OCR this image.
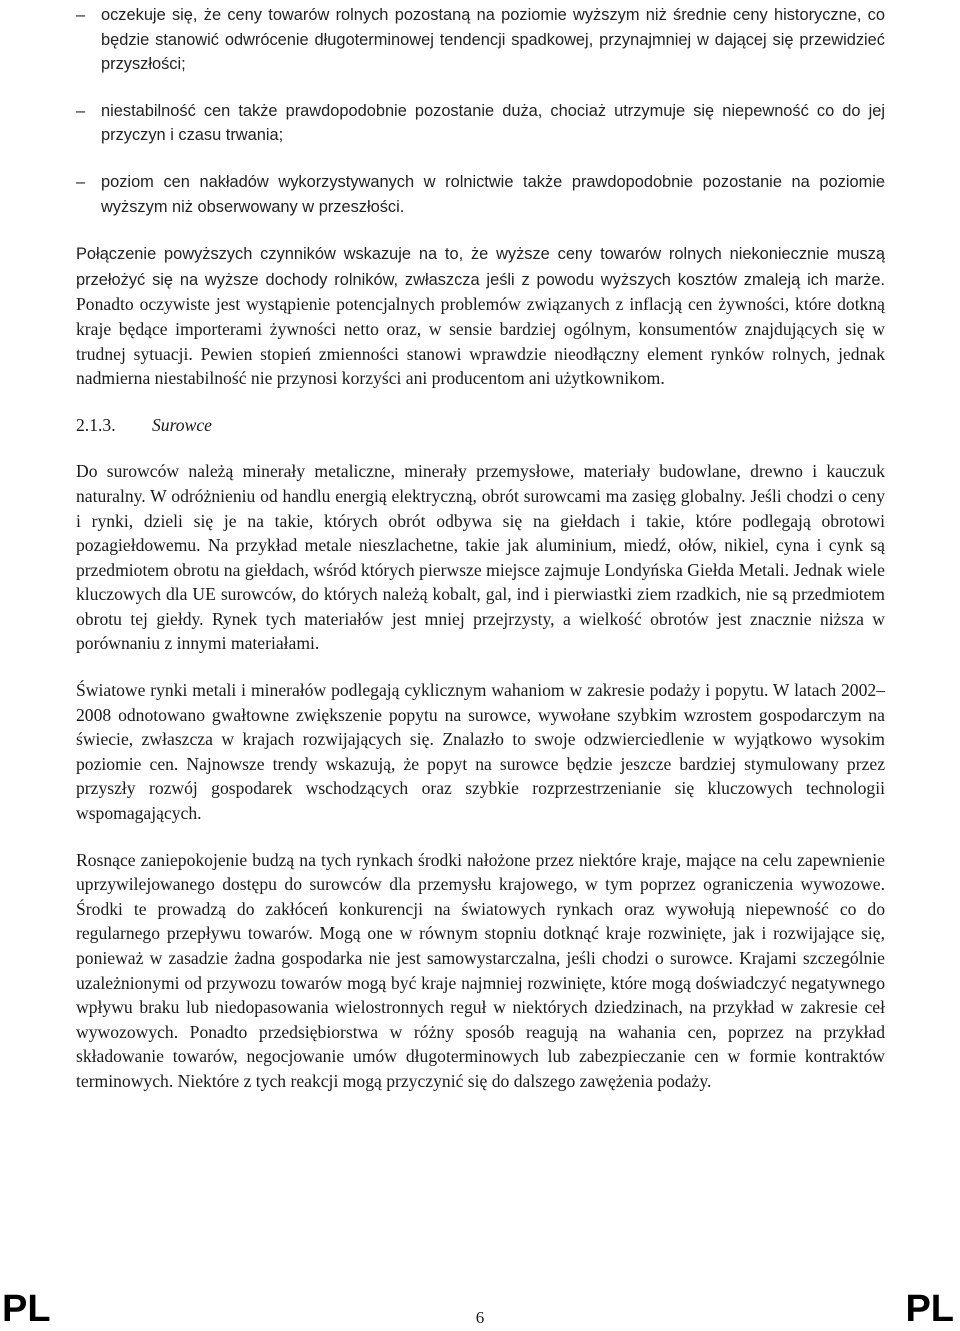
– oczekuje się, że ceny towarów rolnych pozostaną na poziomie wyższym niż średnie ceny historyczne, co będzie stanowić odwrócenie długoterminowej tendencji spadkowej, przynajmniej w dającej się przewidzieć przyszłości;
– niestabilność cen także prawdopodobnie pozostanie duża, chociaż utrzymuje się niepewność co do jej przyczyn i czasu trwania;
– poziom cen nakładów wykorzystywanych w rolnictwie także prawdopodobnie pozostanie na poziomie wyższym niż obserwowany w przeszłości.

Połączenie powyższych czynników wskazuje na to, że wyższe ceny towarów rolnych niekoniecznie muszą przełożyć się na wyższe dochody rolników, zwłaszcza jeśli z powodu wyższych kosztów zmaleją ich marże. Ponadto oczywiste jest wystąpienie potencjalnych problemów związanych z inflacją cen żywności, które dotkną kraje będące importerami żywności netto oraz, w sensie bardziej ogólnym, konsumentów znajdujących się w trudnej sytuacji. Pewien stopień zmienności stanowi wprawdzie nieodłączny element rynków rolnych, jednak nadmierna niestabilność nie przynosi korzyści ani producentom ani użytkownikom.

2.1.3. Surowce

Do surowców należą minerały metaliczne, minerały przemysłowe, materiały budowlane, drewno i kauczuk naturalny. W odróżnieniu od handlu energią elektryczną, obrót surowcami ma zasięg globalny. Jeśli chodzi o ceny i rynki, dzieli się je na takie, których obrót odbywa się na giełdach i takie, które podlegają obrotowi pozagiełdowemu. Na przykład metale nieszlachetne, takie jak aluminium, miedź, ołów, nikiel, cyna i cynk są przedmiotem obrotu na giełdach, wśród których pierwsze miejsce zajmuje Londyńska Giełda Metali. Jednak wiele kluczowych dla UE surowców, do których należą kobalt, gal, ind i pierwiastki ziem rzadkich, nie są przedmiotem obrotu tej giełdy. Rynek tych materiałów jest mniej przejrzysty, a wielkość obrotów jest znacznie niższa w porównaniu z innymi materiałami.

Światowe rynki metali i minerałów podlegają cyklicznym wahaniom w zakresie podaży i popytu. W latach 2002–2008 odnotowano gwałtowne zwiększenie popytu na surowce, wywołane szybkim wzrostem gospodarczym na świecie, zwłaszcza w krajach rozwijających się. Znalazło to swoje odzwierciedlenie w wyjątkowo wysokim poziomie cen. Najnowsze trendy wskazują, że popyt na surowce będzie jeszcze bardziej stymulowany przez przyszły rozwój gospodarek wschodzących oraz szybkie rozprzestrzenianie się kluczowych technologii wspomagających.

Rosnące zaniepokojenie budzą na tych rynkach środki nałożone przez niektóre kraje, mające na celu zapewnienie uprzywilejowanego dostępu do surowców dla przemysłu krajowego, w tym poprzez ograniczenia wywozowe. Środki te prowadzą do zakłóceń konkurencji na światowych rynkach oraz wywołują niepewność co do regularnego przepływu towarów. Mogą one w równym stopniu dotknąć kraje rozwinięte, jak i rozwijające się, ponieważ w zasadzie żadna gospodarka nie jest samowystarczalna, jeśli chodzi o surowce. Krajami szczególnie uzależnionymi od przywozu towarów mogą być kraje najmniej rozwinięte, które mogą doświadczyć negatywnego wpływu braku lub niedopasowania wielostronnych reguł w niektórych dziedzinach, na przykład w zakresie ceł wywozowych. Ponadto przedsiębiorstwa w różny sposób reagują na wahania cen, poprzez na przykład składowanie towarów, negocjowanie umów długoterminowych lub zabezpieczanie cen w formie kontraktów terminowych. Niektóre z tych reakcji mogą przyczynić się do dalszego zawężenia podaży.

PL	6	PL
